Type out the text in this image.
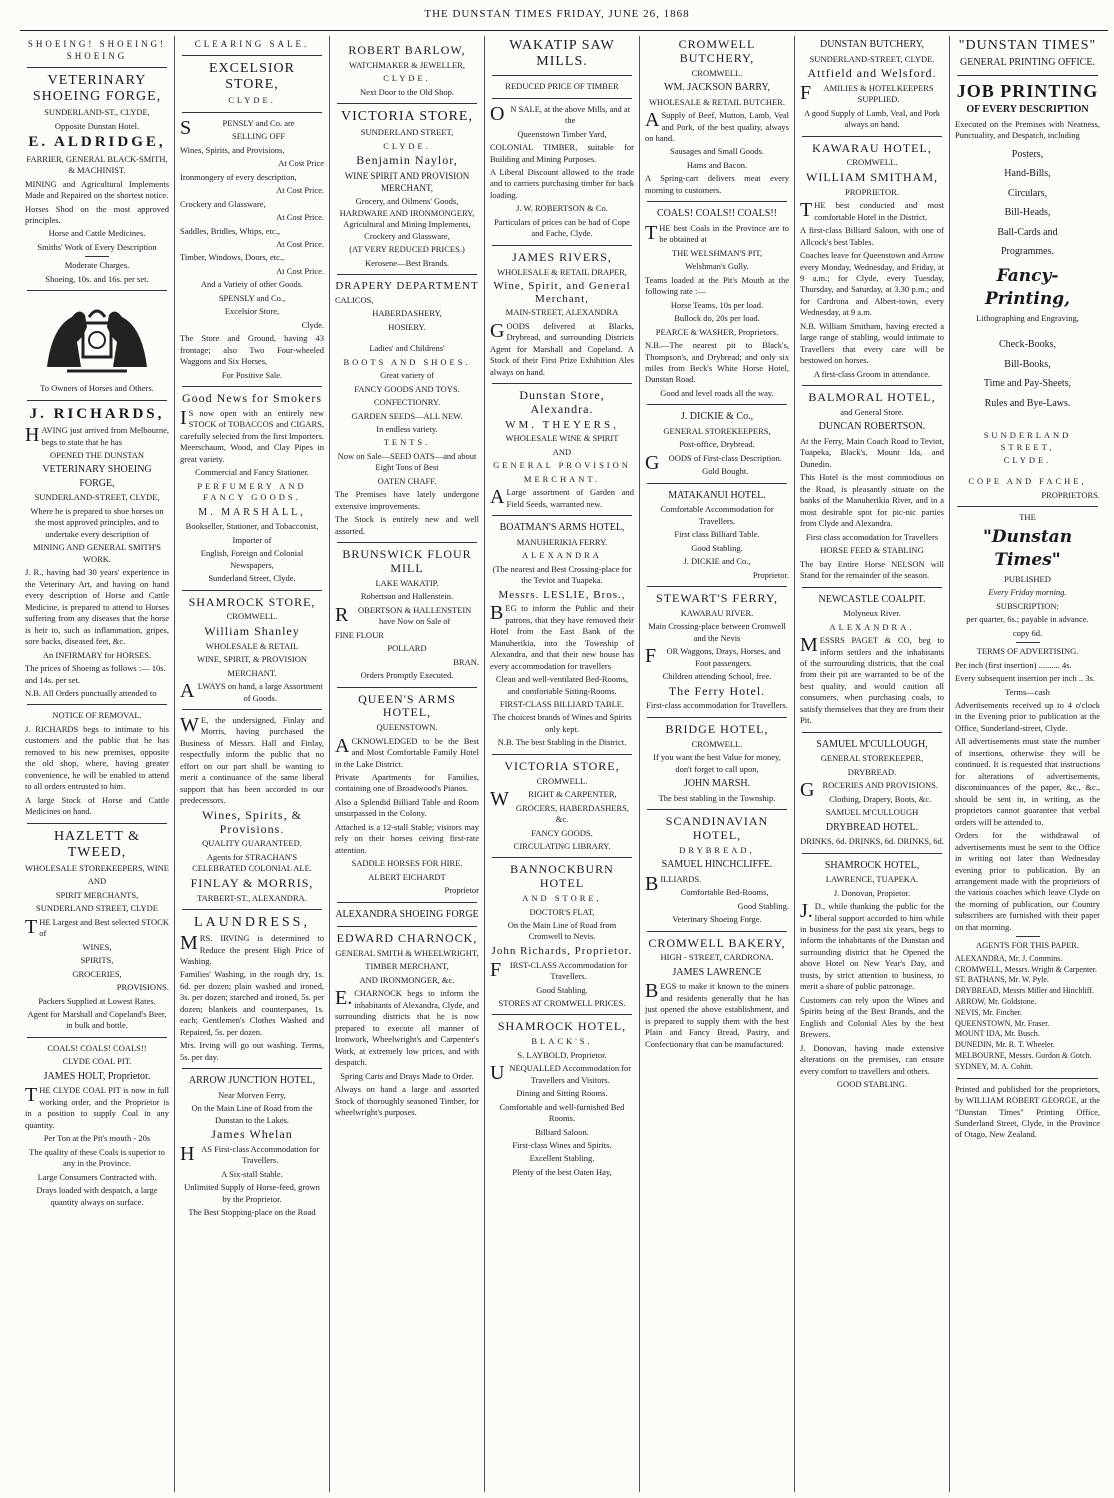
THE DUNSTAN TIMES FRIDAY, JUNE 26, 1868

SHOEING! SHOEING! SHOEING

VETERINARY SHOEING FORGE,

SUNDERLAND-ST., CLYDE,

Opposite Dunstan Hotel.

E. ALDRIDGE,

FARRIER, GENERAL BLACK-SMITH, & MACHINIST.

MINING and Agricultural Implements Made and Repaired on the shortest notice.

Horses Shod on the most approved principles.

Horse and Cattle Medicines.

Smiths' Work of Every Description

Moderate Charges.

Shoeing, 10s. and 16s. per set.

To Owners of Horses and Others.

J. RICHARDS,

HAVING just arrived from Melbourne, begs to state that he has

OPENED THE DUNSTAN

VETERINARY SHOEING FORGE,

SUNDERLAND-STREET, CLYDE,

Where he is prepared to shoe horses on the most approved principles, and to undertake every description of

MINING AND GENERAL SMITH'S WORK.

J. R., having had 30 years' experience in the Veterinary Art, and having on hand every description of Horse and Cattle Medicine, is prepared to attend to Horses suffering from any diseases that the horse is heir to, such as inflammation, gripes, sore backs, diseased feet, &c.

An INFIRMARY for HORSES.

The prices of Shoeing as follows :— 10s. and 14s. per set.

N.B. All Orders punctually attended to

NOTICE OF REMOVAL.

J. RICHARDS begs to intimate to his customers and the public that he has removed to his new premises, opposite the old shop, where, having greater convenience, he will be enabled to attend to all orders entrusted to him.

A large Stock of Horse and Cattle Medicines on hand.

HAZLETT & TWEED,

WHOLESALE STOREKEEPERS, WINE

AND

SPIRIT MERCHANTS,

SUNDERLAND STREET, CLYDE

THE Largest and Best selected STOCK of

WINES,

SPIRITS,

GROCERIES,

PROVISIONS.

Packers Supplied at Lowest Rates.

Agent for Marshall and Copeland's Beer, in bulk and bottle.

COALS! COALS! COALS!!

CLYDE COAL PIT.

JAMES HOLT, Proprietor.

THE CLYDE COAL PIT is now in full working order, and the Proprietor is in a position to supply Coal in any quantity.

Per Ton at the Pit's mouth - 20s

The quality of these Coals is superior to any in the Province.

Large Consumers Contracted with.

Drays loaded with despatch, a large quantity always on surface.

CLEARING SALE.

EXCELSIOR STORE,

CLYDE.

SPENSLY and Co. are

SELLING OFF

Wines, Spirits, and Provisions,

At Cost Price

Ironmongery of every description,

At Cost Price.

Crockery and Glassware,

At Cost Price.

Saddles, Bridles, Whips, etc.,

At Cost Price.

Timber, Windows, Doors, etc.,

At Cost Price.

And a Variety of other Goods.

SPENSLY and Co.,

Excelsior Store,

Clyde.

The Store and Ground, having 43 frontage; also Two Four-wheeled Waggons and Six Horses,

For Positive Sale.

Good News for Smokers

IS now open with an entirely new STOCK of TOBACCOS and CIGARS, carefully selected from the first Importers. Meerschaum, Wood, and Clay Pipes in great variety.

Commercial and Fancy Stationer.

PERFUMERY AND FANCY GOODS.

M. MARSHALL,

Bookseller, Stationer, and Tobacconist,

Importer of

English, Foreign and Colonial Newspapers,

Sunderland Street, Clyde.

SHAMROCK STORE,

CROMWELL.

William Shanley

WHOLESALE & RETAIL

WINE, SPIRIT, & PROVISION

MERCHANT.

ALWAYS on hand, a large Assortment of Goods.

WE, the undersigned, Finlay and Morris, having purchased the Business of Messrs. Hall and Finlay, respectfully inform the public that no effort on our part shall be wanting to merit a continuance of the same liberal support that has been accorded to our predecessors.

Wines, Spirits, & Provisions.

QUALITY GUARANTEED.

Agents for STRACHAN'S CELEBRATED COLONIAL ALE.

FINLAY & MORRIS,

TARBERT-ST., ALEXANDRA.

LAUNDRESS,

MRS. IRVING is determined to Reduce the present High Price of Washing.

Families' Washing, in the rough dry, 1s. 6d. per dozen; plain washed and ironed, 3s. per dozen; starched and ironed, 5s. per dozen; blankets and counterpanes, 1s. each; Gentlemen's Clothes Washed and Repaired, 5s. per dozen.

Mrs. Irving will go out washing. Terms, 5s. per day.

ARROW JUNCTION HOTEL,

Near Morven Ferry,

On the Main Line of Road from the Dunstan to the Lakes.

James Whelan

HAS First-class Accommodation for Travellers.

A Six-stall Stable.

Unlimited Supply of Horse-feed, grown by the Proprietor.

The Best Stopping-place on the Road

ROBERT BARLOW,

WATCHMAKER & JEWELLER,

CLYDE.

Next Door to the Old Shop.

VICTORIA STORE,

SUNDERLAND STREET,

CLYDE.

Benjamin Naylor,

WINE SPIRIT AND PROVISION MERCHANT,

Grocery, and Oilmens' Goods, HARDWARE AND IRONMONGERY, Agricultural and Mining Implements, Crockery and Glassware,

(AT VERY REDUCED PRICES.)

Kerosene—Best Brands.

DRAPERY DEPARTMENT

CALICOS,

HABERDASHERY,

HOSIERY.

Ladies' and Childrens'

BOOTS AND SHOES.

Great variety of

FANCY GOODS AND TOYS.

CONFECTIONRY.

GARDEN SEEDS—ALL NEW.

In endless variety.

TENTS.

Now on Sale—SEED OATS—and about Eight Tons of Best

OATEN CHAFF.

The Premises have lately undergone extensive improvements.

The Stock is entirely new and well assorted.

BRUNSWICK FLOUR MILL

LAKE WAKATIP.

Robertson and Hallenstein.

ROBERTSON & HALLENSTEIN have Now on Sale of

FINE FLOUR

POLLARD

BRAN.

Orders Promptly Executed.

QUEEN'S ARMS HOTEL,

QUEENSTOWN.

ACKNOWLEDGED to be the Best and Most Comfortable Family Hotel in the Lake District.

Private Apartments for Families, containing one of Broadwood's Pianos.

Also a Splendid Billiard Table and Room unsurpassed in the Colony.

Attached is a 12-stall Stable; visitors may rely on their horses ceiving first-rate attention.

SADDLE HORSES FOR HIRE.

ALBERT EICHARDT

Proprietor

ALEXANDRA SHOEING FORGE

EDWARD CHARNOCK,

GENERAL SMITH & WHEELWRIGHT,

TIMBER MERCHANT,

AND IRONMONGER, &c.

E.CHARNOCK begs to inform the inhabitants of Alexandra, Clyde, and surrounding districts that he is now prepared to execute all manner of Ironwork, Wheelwright's and Carpenter's Work, at extremely low prices, and with despatch.

Spring Carts and Drays Made to Order.

Always on hand a large and assorted Stock of thoroughly seasoned Timber, for wheelwright's purposes.

WAKATIP SAW MILLS.

REDUCED PRICE OF TIMBER

ON SALE, at the above Mills, and at the

Queenstown Timber Yard,

COLONIAL TIMBER, suitable for Building and Mining Purposes.

A Liberal Discount allowed to the trade and to carriers purchasing timber for back loading.

J. W. ROBERTSON & Co.

Particulars of prices can be had of Cope and Fache, Clyde.

JAMES RIVERS,

WHOLESALE & RETAIL DRAPER,

Wine, Spirit, and General Merchant,

MAIN-STREET, ALEXANDRA

GOODS delivered at Blacks, Drybread, and surrounding Districts Agent for Marshall and Copeland. A Stock of their First Prize Exhibition Ales always on hand.

Dunstan Store, Alexandra.

WM. THEYERS,

WHOLESALE WINE & SPIRIT

AND

GENERAL PROVISION

MERCHANT.

ALarge assortment of Garden and Field Seeds, warranted new.

BOATMAN'S ARMS HOTEL,

MANUHERIKIA FERRY.

ALEXANDRA

(The nearest and Best Crossing-place for the Teviot and Tuapeka.

Messrs. LESLIE, Bros.,

BEG to inform the Public and their patrons, that they have removed their Hotel from the East Bank of the Manuherikia, into the Township of Alexandra, and that their new house has every accommodation for travellers

Clean and well-ventilated Bed-Rooms, and comfortable Sitting-Rooms.

FIRST-CLASS BILLIARD TABLE.

The choicest brands of Wines and Spirits only kept.

N.B. The best Stabling in the District.

VICTORIA STORE,

CROMWELL.

WRIGHT & CARPENTER,

GROCERS, HABERDASHERS, &c.

FANCY GOODS.

CIRCULATING LIBRARY.

BANNOCKBURN HOTEL

AND STORE,

DOCTOR'S FLAT,

On the Main Line of Road from Cromwell to Nevis.

John Richards, Proprietor.

FIRST-CLASS Accommodation for Travellers.

Good Stabling.

STORES AT CROMWELL PRICES.

SHAMROCK HOTEL,

BLACK'S.

S. LAYBOLD, Proprietor.

UNEQUALLED Accommodation for Travellers and Visitors.

Dining and Sitting Rooms.

Comfortable and well-furnished Bed Rooms.

Billiard Saloon.

First-class Wines and Spirits.

Excellent Stabling.

Plenty of the best Oaten Hay,

CROMWELL BUTCHERY,

CROMWELL.

WM. JACKSON BARRY,

WHOLESALE & RETAIL BUTCHER.

ASupply of Beef, Mutton, Lamb, Veal and Pork, of the best quality, always on hand.

Sausages and Small Goods.

Hams and Bacon.

A Spring-cart delivers meat every morning to customers.

COALS! COALS!! COALS!!

THE best Coals in the Province are to be obtained at

THE WELSHMAN'S PIT,

Welshman's Gully.

Teams loaded at the Pit's Mouth at the following rate :—

Horse Teams, 10s per load.

Bullock do, 20s per load.

PEARCE & WASHER, Proprietors.

N.B.—The nearest pit to Black's, Thompson's, and Drybread; and only six miles from Beck's White Horse Hotel, Dunstan Road.

Good and level roads all the way.

J. DICKIE & Co.,

GENERAL STOREKEEPERS,

Post-office, Drybread.

GOODS of First-class Description.

Gold Bought.

MATAKANUI HOTEL.

Comfortable Accommodation for Travellers.

First class Billiard Table.

Good Stabling.

J. DICKIE and Co.,

Proprietor.

STEWART'S FERRY,

KAWARAU RIVER.

Main Crossing-place between Cromwell and the Nevis

FOR Waggons, Drays, Horses, and Foot passengers.

Children attending School, free.

The Ferry Hotel.

First-class accommodation for Travellers.

BRIDGE HOTEL,

CROMWELL.

If you want the best Value for money, don't forget to call upon,

JOHN MARSH.

The best stabling in the Township.

SCANDINAVIAN HOTEL,

DRYBREAD,

SAMUEL HINCHCLIFFE.

BILLIARDS.

Comfortable Bed-Rooms,

Good Stabling.

Veterinary Shoeing Forge.

CROMWELL BAKERY,

HIGH - STREET, CARDRONA.

JAMES LAWRENCE

BEGS to make it known to the miners and residents generally that he has just opened the above establishment, and is prepared to supply them with the best Plain and Fancy Bread, Pastry, and Confectionary that can be manufactured.

DUNSTAN BUTCHERY,

SUNDERLAND-STREET, CLYDE.

Attfield and Welsford.

FAMILIES & HOTELKEEPERS SUPPLIED.

A good Supply of Lamb, Veal, and Pork always on hand.

KAWARAU HOTEL,

CROMWELL.

WILLIAM SMITHAM,

PROPRIETOR.

THE best conducted and most comfortable Hotel in the District.

A first-class Billiard Saloon, with one of Allcock's best Tables.

Coaches leave for Queenstown and Arrow every Monday, Wednesday, and Friday, at 9 a.m.; for Clyde, every Tuesday, Thursday, and Saturday, at 3.30 p.m.; and for Cardrona and Albert-town, every Wednesday, at 9 a.m.

N.B. William Smitham, having erected a large range of stabling, would intimate to Travellers that every care will be bestowed on horses.

A first-class Groom in attendance.

BALMORAL HOTEL,

and General Store.

DUNCAN ROBERTSON.

At the Ferry, Main Coach Road to Teviot, Tuapeka, Black's, Mount Ida, and Dunedin.

This Hotel is the most commodious on the Road, is pleasantly situate on the banks of the Manuherikia River, and in a most desirable spot for pic-nic parties from Clyde and Alexandra.

First class accomodation for Travellers

HORSE FEED & STABLING

The bay Entire Horse NELSON will Stand for the remainder of the season.

NEWCASTLE COALPIT.

Molyneux River.

ALEXANDRA.

MESSRS PAGET & CO, beg to inform settlers and the inhabitants of the surrounding districts, that the coal from their pit are warranted to be of the best quality, and would caution all consumers, when purchasing coals, to satisfy themselves that they are from their Pit.

SAMUEL M'CULLOUGH,

GENERAL STOREKEEPER,

DRYBREAD.

GROCERIES AND PROVISIONS.

Clothing, Drapery, Boots, &c.

SAMUEL M'CULLOUGH

DRYBREAD HOTEL.

DRINKS, 6d. DRINKS, 6d. DRINKS, 6d.

SHAMROCK HOTEL,

LAWRENCE, TUAPEKA.

J. Donovan, Propietor.

J.D., while thanking the public for the liberal support accorded to him while in business for the past six years, begs to inform the inhabitants of the Dunstan and surrounding district that he Opened the above Hotel on New Year's Day, and trusts, by strict attention to business, to merit a share of public patronage.

Customers can rely upon the Wines and Spirits being of the Best Brands, and the English and Colonial Ales by the best Brewers.

J. Donovan, having made extensive alterations on the premises, can ensure every comfort to travellers and others.

GOOD STABLING.

"DUNSTAN TIMES"

GENERAL PRINTING OFFICE.

JOB PRINTING

OF EVERY DESCRIPTION

Executed on the Premises with Neatness, Punctuality, and Despatch, including

Posters,

Hand-Bills,

Circulars,

Bill-Heads,

Ball-Cards and

Programmes.

Fancy-Printing,

Lithographing and Engraving,

Check-Books,

Bill-Books,

Time and Pay-Sheets,

Rules and Bye-Laws.

SUNDERLAND STREET,

CLYDE.

COPE AND FACHE,

PROPRIETORS.

THE

"Dunstan Times"

PUBLISHED

Every Friday morning.

SUBSCRIPTION:

per quarter, 6s.; payable in advance.

copy 6d.

TERMS OF ADVERTISING.

Per inch (first insertion) .......... 4s.

Every subsequent insertion per inch .. 3s.

Terms—cash

Advertisements received up to 4 o'clock in the Evening prior to publication at the Office, Sunderland-street, Clyde.

All advertisements must state the number of insertions, otherwise they will be continued. It is requested that instructions for alterations of advertisements, discontinuances of the paper, &c., &c., should be sent in, in writing, as the proprietors cannot guarantee that verbal orders will be attended to.

Orders for the withdrawal of advertisements must be sent to the Office in writing not later than Wednesday evening prior to publication. By an arrangement made with the proprietors of the various coaches which leave Clyde on the morning of publication, our Country subscribers are furnished with their paper on that morning.

AGENTS FOR THIS PAPER.

ALEXANDRA, Mr. J. Commins.

CROMWELL, Messrs. Wright & Carpenter.

ST. BATHANS, Mr. W. Pyle.

DRYBREAD, Messrs Miller and Hinchliff.

ARROW, Mr. Goldstone.

NEVIS, Mr. Fincher.

QUEENSTOWN, Mr. Fraser.

MOUNT IDA, Mr. Busch.

DUNEDIN, Mr. R. T. Wheeler.

MELBOURNE, Messrs. Gordon & Gotch.

SYDNEY, M. A. Cohitt.

Printed and published for the proprietors, by WILLIAM ROBERT GEORGE, at the "Dunstan Times" Printing Office, Sunderland Street, Clyde, in the Province of Otago, New Zealand.
